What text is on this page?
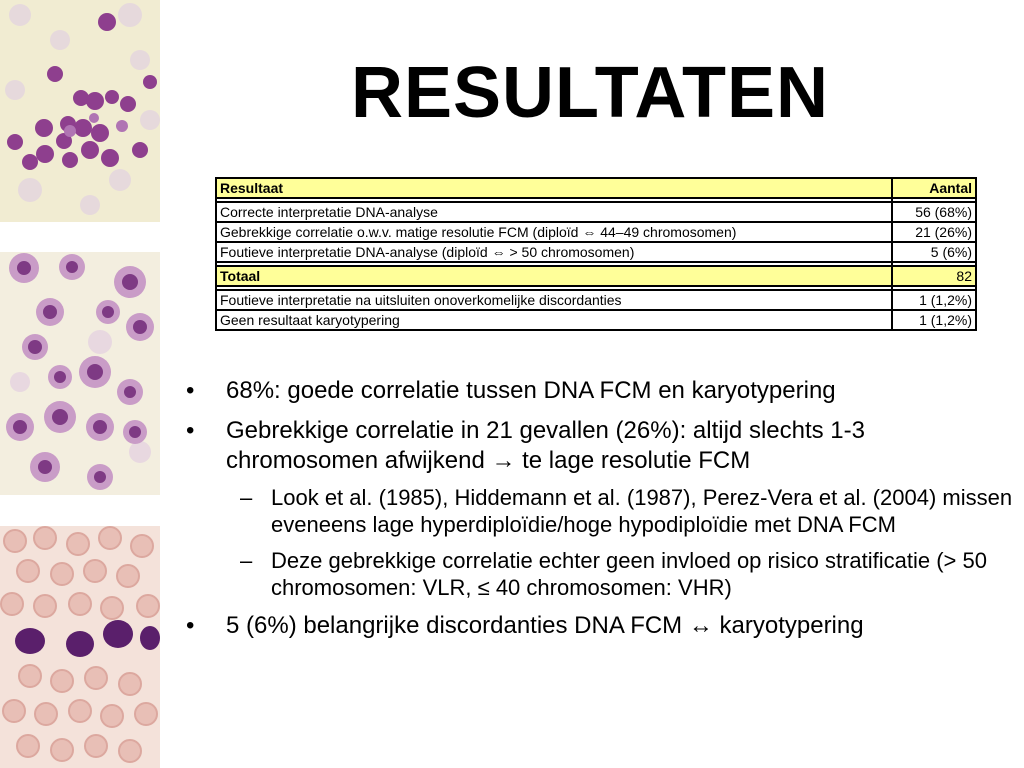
RESULTATEN
Resultaat	Aantal

Correcte interpretatie DNA-analyse	56 (68%)
Gebrekkige correlatie o.w.v. matige resolutie FCM (diploïd ⇔ 44–49 chromosomen)	21 (26%)
Foutieve interpretatie DNA-analyse (diploïd ⇔ > 50 chromosomen)	5 (6%)

Totaal	82

Foutieve interpretatie na uitsluiten onoverkomelijke discordanties	1 (1,2%)
Geen resultaat karyotypering	1 (1,2%)
• 68%: goede correlatie tussen DNA FCM en karyotypering
• Gebrekkige correlatie in 21 gevallen (26%): altijd slechts 1-3 chromosomen afwijkend → te lage resolutie FCM
– Look et al. (1985), Hiddemann et al. (1987), Perez-Vera et al. (2004) missen eveneens lage hyperdiploïdie/hoge hypodiploïdie met DNA FCM
– Deze gebrekkige correlatie echter geen invloed op risico stratificatie (> 50 chromosomen: VLR, ≤ 40 chromosomen: VHR)
• 5 (6%) belangrijke discordanties DNA FCM ↔ karyotypering
